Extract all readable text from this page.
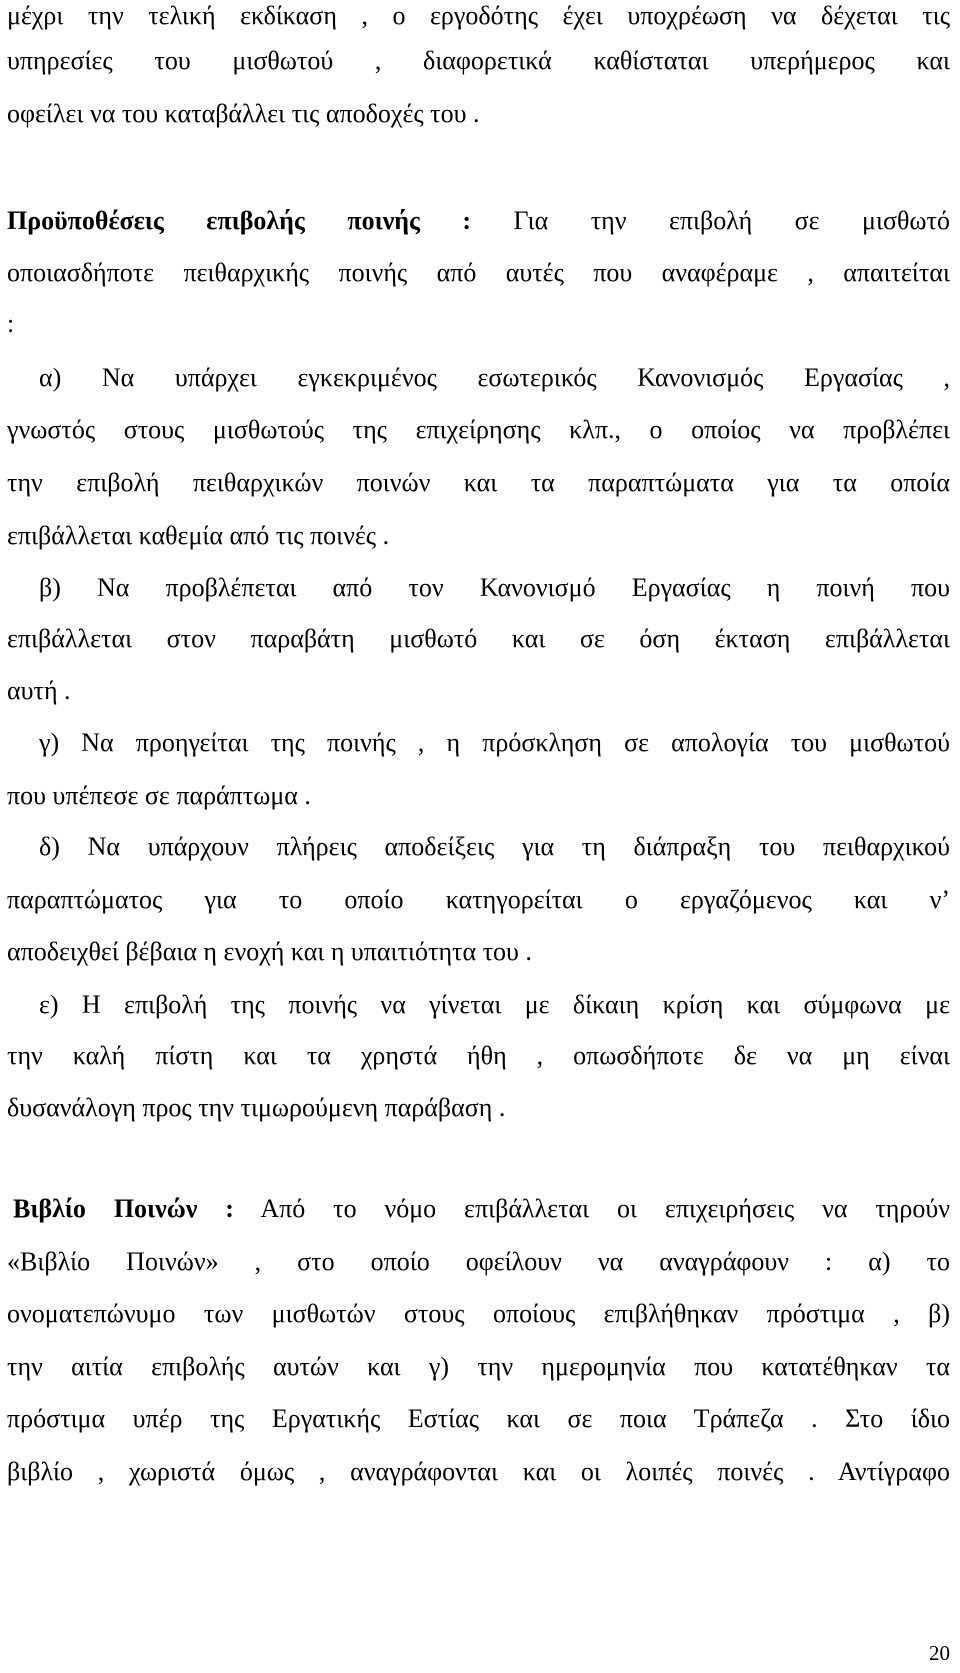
μέχρι την τελική εκδίκαση , ο εργοδότης έχει υποχρέωση να δέχεται τις
υπηρεσίες του μισθωτού , διαφορετικά καθίσταται υπερήμερος και
οφείλει να του καταβάλλει τις αποδοχές του .
Προϋποθέσεις επιβολής ποινής : Για την επιβολή σε μισθωτό
οποιασδήποτε πειθαρχικής ποινής από αυτές που αναφέραμε , απαιτείται
:
α) Να υπάρχει εγκεκριμένος εσωτερικός Κανονισμός Εργασίας ,
γνωστός στους μισθωτούς της επιχείρησης κλπ., ο οποίος να προβλέπει
την επιβολή πειθαρχικών ποινών και τα παραπτώματα για τα οποία
επιβάλλεται καθεμία από τις ποινές .
β) Να προβλέπεται από τον Κανονισμό Εργασίας η ποινή που
επιβάλλεται στον παραβάτη μισθωτό και σε όση έκταση επιβάλλεται
αυτή .
γ) Να προηγείται της ποινής , η πρόσκληση σε απολογία του μισθωτού
που υπέπεσε σε παράπτωμα .
δ) Να υπάρχουν πλήρεις αποδείξεις για τη διάπραξη του πειθαρχικού
παραπτώματος για το οποίο κατηγορείται ο εργαζόμενος και ν’
αποδειχθεί βέβαια η ενοχή και η υπαιτιότητα του .
ε) Η επιβολή της ποινής να γίνεται με δίκαιη κρίση και σύμφωνα με
την καλή πίστη και τα χρηστά ήθη , οπωσδήποτε δε να μη είναι
δυσανάλογη προς την τιμωρούμενη παράβαση .
Βιβλίο Ποινών : Από το νόμο επιβάλλεται οι επιχειρήσεις να τηρούν
«Βιβλίο Ποινών» , στο οποίο οφείλουν να αναγράφουν : α) το
ονοματεπώνυμο των μισθωτών στους οποίους επιβλήθηκαν πρόστιμα , β)
την αιτία επιβολής αυτών και γ) την ημερομηνία που κατατέθηκαν τα
πρόστιμα υπέρ της Εργατικής Εστίας και σε ποια Τράπεζα . Στο ίδιο
βιβλίο , χωριστά όμως , αναγράφονται και οι λοιπές ποινές . Αντίγραφο
20
